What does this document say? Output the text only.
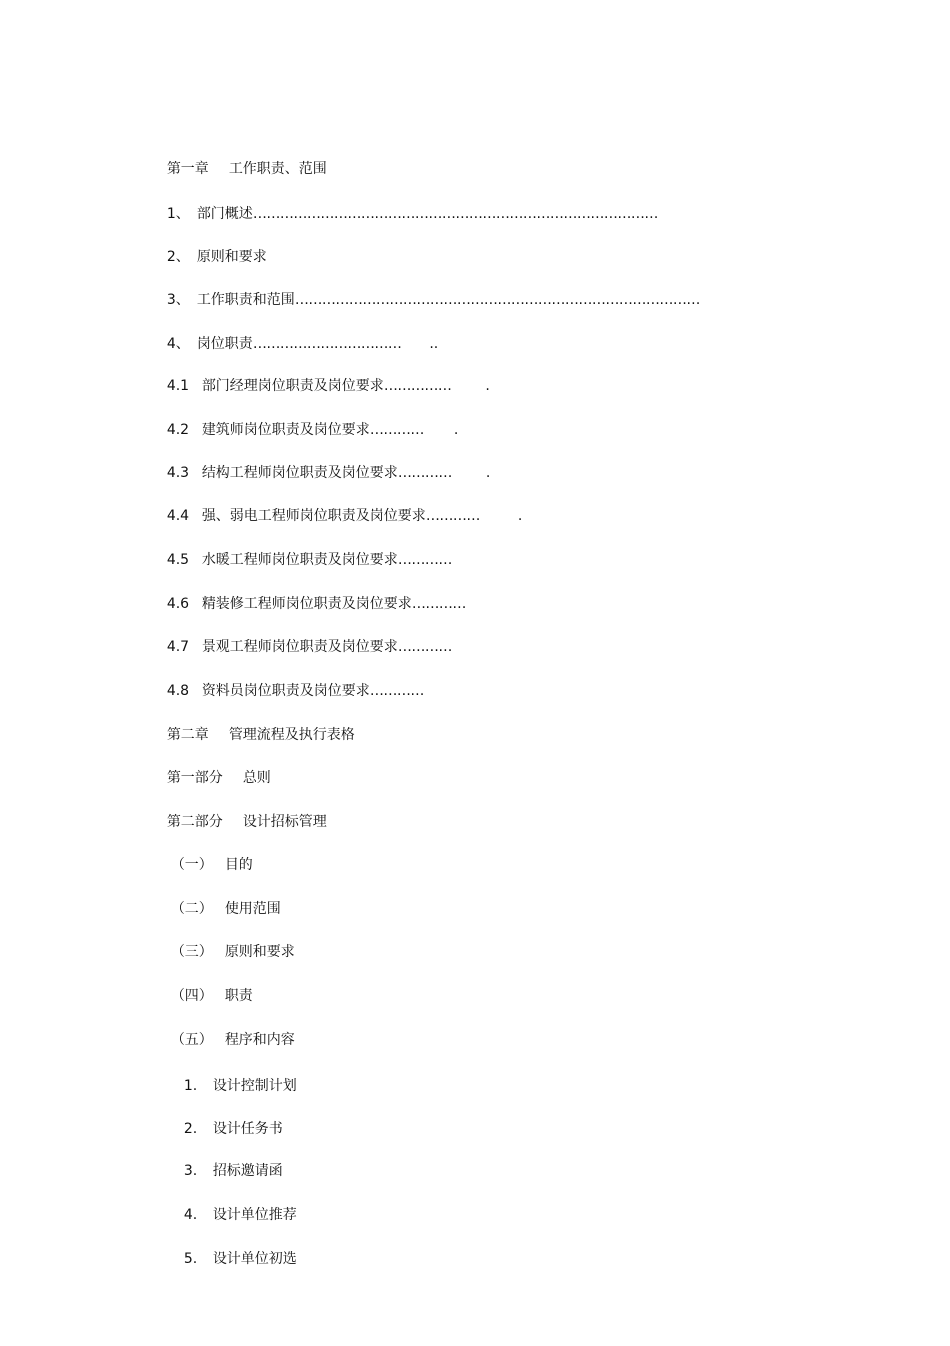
第一章 工作职责、范围

1、 部门概述………………………………………………………………………………

2、 原则和要求

3、 工作职责和范围………………………………………………………………………………

4、 岗位职责…………………………… ..

4.1 部门经理岗位职责及岗位要求…………… .

4.2 建筑师岗位职责及岗位要求………… .

4.3 结构工程师岗位职责及岗位要求………… .

4.4 强、弱电工程师岗位职责及岗位要求…………	.

4.5 水暖工程师岗位职责及岗位要求…………

4.6 精装修工程师岗位职责及岗位要求…………

4.7 景观工程师岗位职责及岗位要求…………

4.8 资料员岗位职责及岗位要求…………

第二章 管理流程及执行表格

第一部分 总则

第二部分 设计招标管理

（一） 目的

（二） 使用范围

（三） 原则和要求

（四） 职责

（五） 程序和内容

1. 设计控制计划

2. 设计任务书

3. 招标邀请函

4. 设计单位推荐

5. 设计单位初选
